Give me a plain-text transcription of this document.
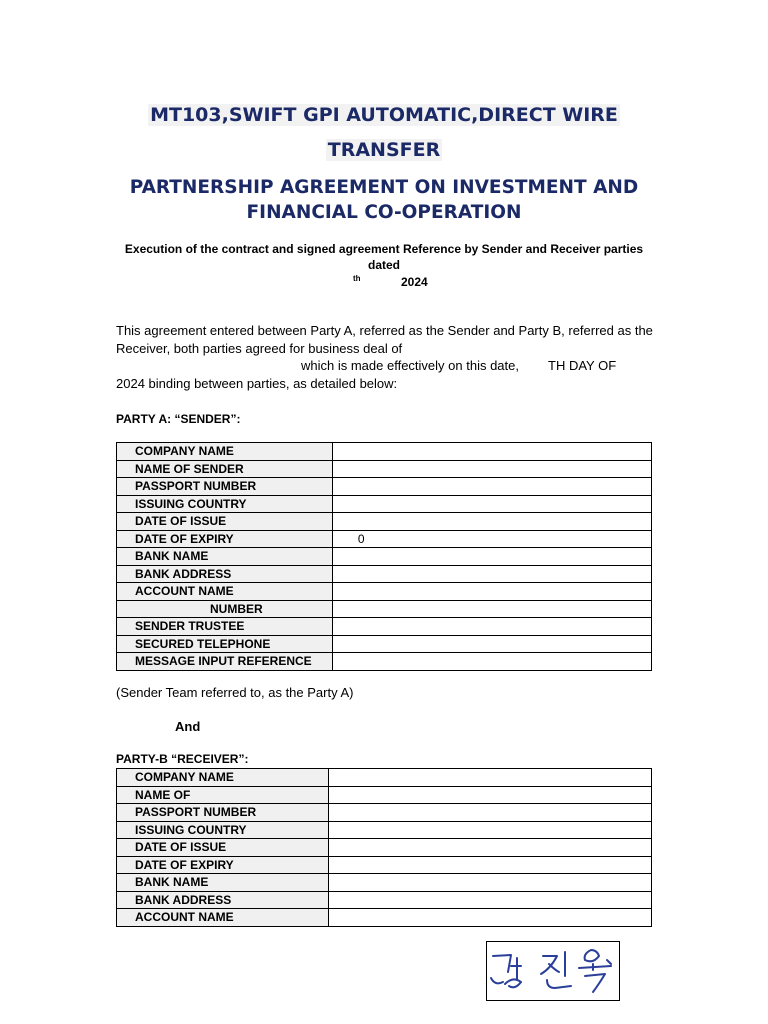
MT103,SWIFT GPI AUTOMATIC,DIRECT WIRE
TRANSFER
PARTNERSHIP AGREEMENT ON INVESTMENT AND
FINANCIAL CO-OPERATION
Execution of the contract and signed agreement Reference by Sender and Receiver parties
dated
th	2024
This agreement entered between Party A, referred as the Sender and Party B, referred as the
Receiver, both parties agreed for business deal of
which is made effectively on this date, TH DAY OF
2024 binding between parties, as detailed below:
PARTY A: “SENDER”:
COMPANY NAME	
NAME OF SENDER	
PASSPORT NUMBER	
ISSUING COUNTRY	
DATE OF ISSUE	
DATE OF EXPIRY	0
BANK NAME	
BANK ADDRESS	
ACCOUNT NAME	
NUMBER	
SENDER TRUSTEE	
SECURED TELEPHONE	
MESSAGE INPUT REFERENCE	
(Sender Team referred to, as the Party A)
And
PARTY-B “RECEIVER”:
COMPANY NAME	
NAME OF	
PASSPORT NUMBER	
ISSUING COUNTRY	
DATE OF ISSUE	
DATE OF EXPIRY	
BANK NAME	
BANK ADDRESS	
ACCOUNT NAME	
